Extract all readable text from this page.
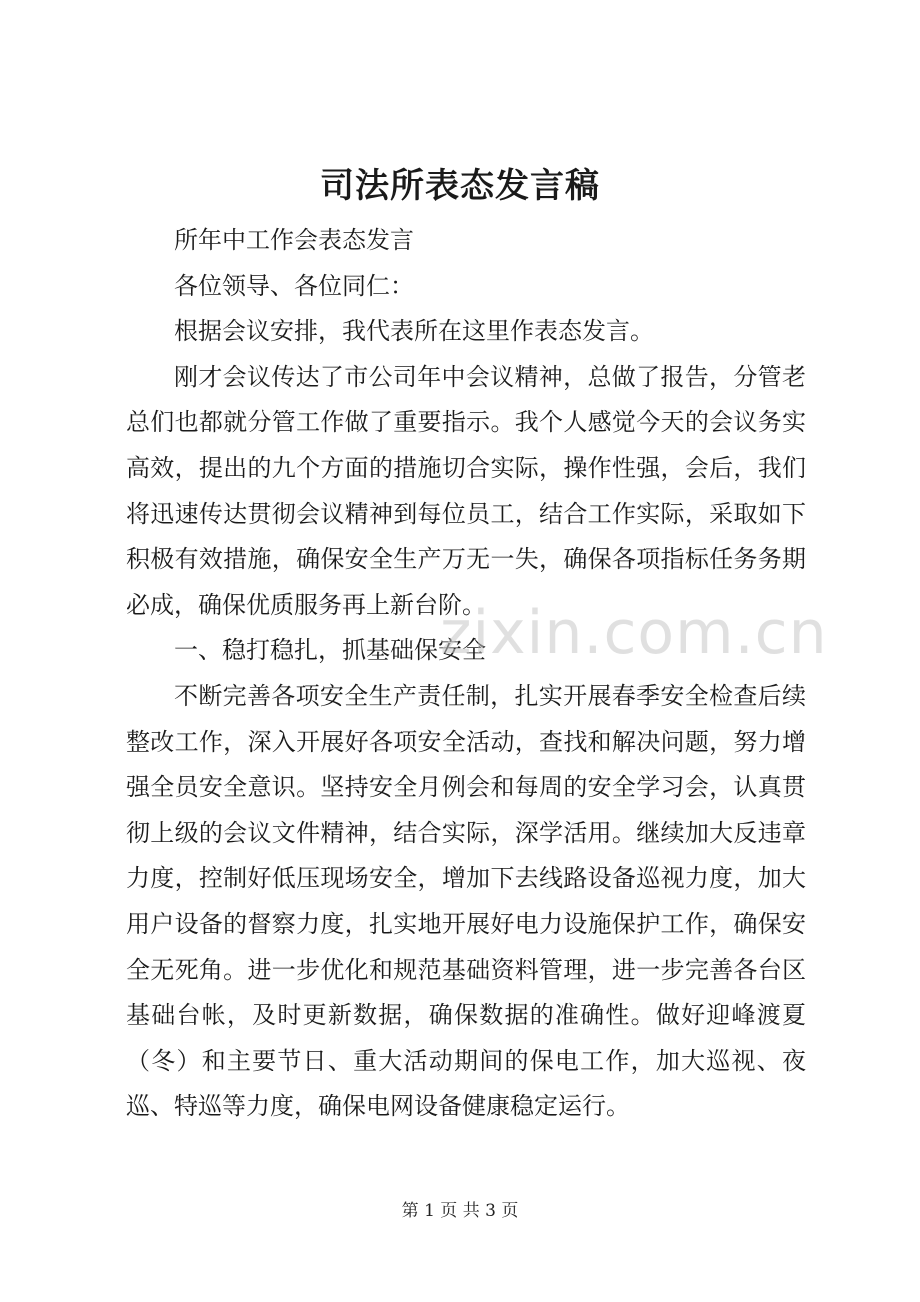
司法所表态发言稿

所年中工作会表态发言

各位领导、各位同仁：

根据会议安排，我代表所在这里作表态发言。

刚才会议传达了市公司年中会议精神，总做了报告，分管老总们也都就分管工作做了重要指示。我个人感觉今天的会议务实高效，提出的九个方面的措施切合实际，操作性强，会后，我们将迅速传达贯彻会议精神到每位员工，结合工作实际，采取如下积极有效措施，确保安全生产万无一失，确保各项指标任务务期必成，确保优质服务再上新台阶。

一、稳打稳扎，抓基础保安全

不断完善各项安全生产责任制，扎实开展春季安全检查后续整改工作，深入开展好各项安全活动，查找和解决问题，努力增强全员安全意识。坚持安全月例会和每周的安全学习会，认真贯彻上级的会议文件精神，结合实际，深学活用。继续加大反违章力度，控制好低压现场安全，增加下去线路设备巡视力度，加大用户设备的督察力度，扎实地开展好电力设施保护工作，确保安全无死角。进一步优化和规范基础资料管理，进一步完善各台区基础台帐，及时更新数据，确保数据的准确性。做好迎峰渡夏（冬）和主要节日、重大活动期间的保电工作，加大巡视、夜巡、特巡等力度，确保电网设备健康稳定运行。

zixin.com.cn
第 1 页 共 3 页
